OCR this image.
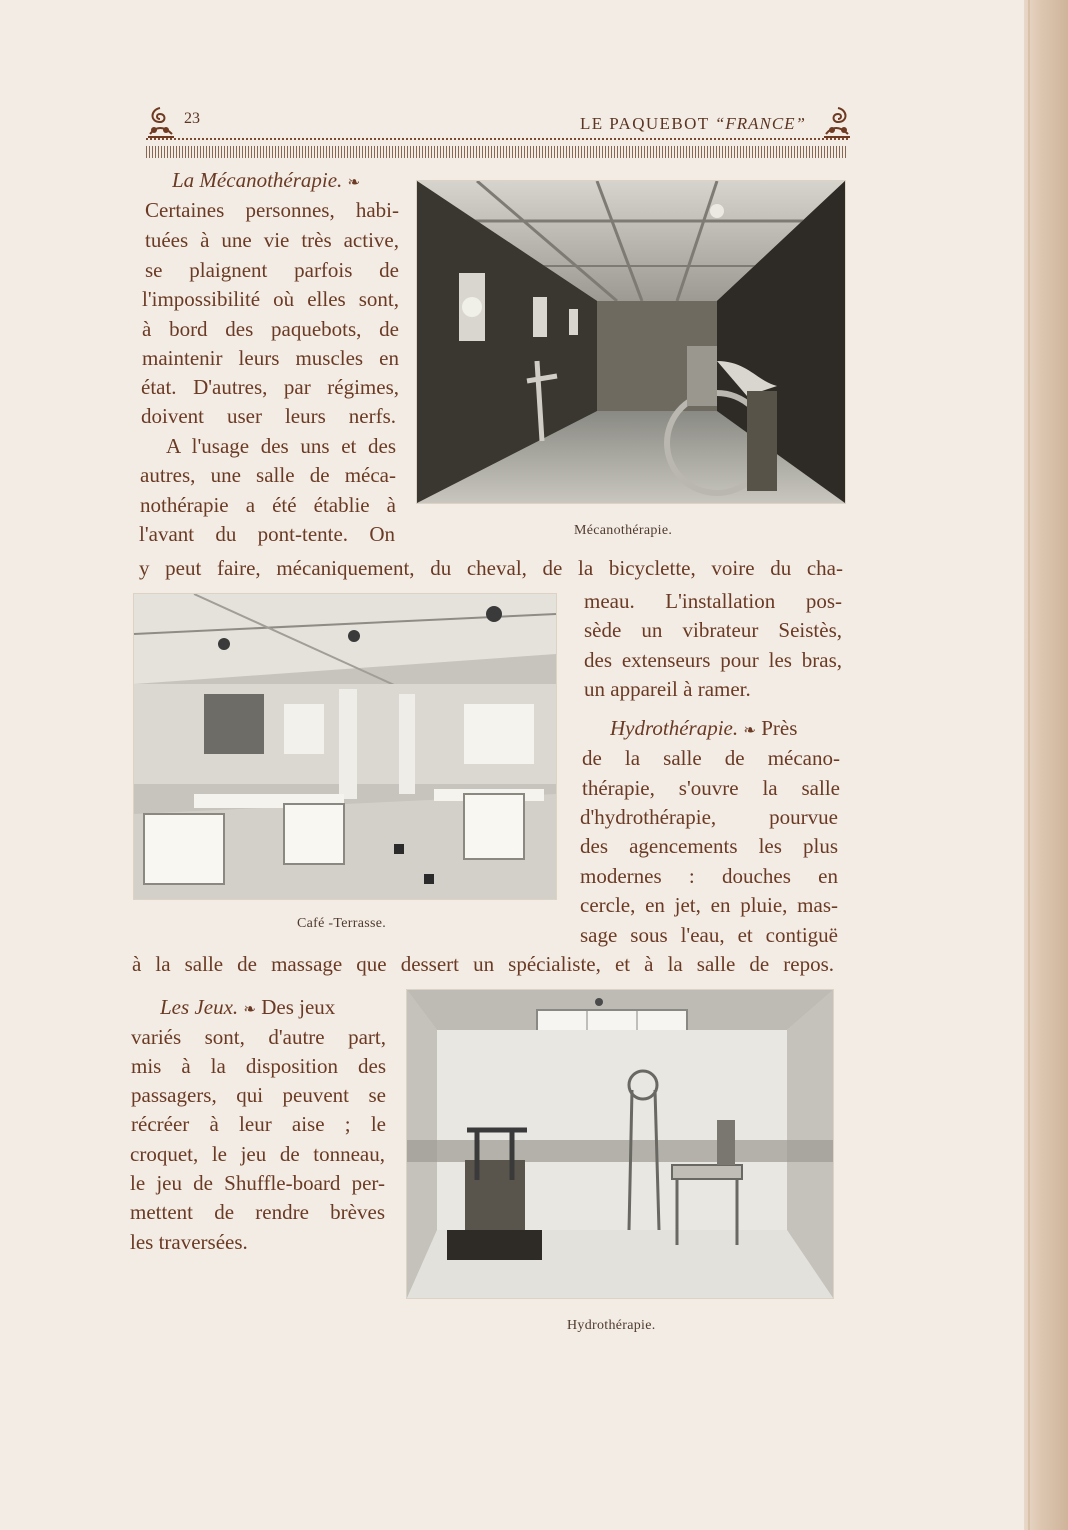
23	LE PAQUEBOT “FRANCE”
La Mécanothérapie. ❧
Certaines personnes, habi-
tuées à une vie très active,
se plaignent parfois de
l'impossibilité où elles sont,
à bord des paquebots, de
maintenir leurs muscles en
état. D'autres, par régimes,
doivent user leurs nerfs.
A l'usage des uns et des
autres, une salle de méca-
nothérapie a été établie à
l'avant du pont-tente. On
y peut faire, mécaniquement, du cheval, de la bicyclette, voire du cha-
meau. L'installation pos-
sède un vibrateur Seistès,
des extenseurs pour les bras,
un appareil à ramer.
Mécanothérapie.
Café -Terrasse.
Hydrothérapie. ❧ Près
de la salle de mécano-
thérapie, s'ouvre la salle
d'hydrothérapie, pourvue
des agencements les plus
modernes : douches en
cercle, en jet, en pluie, mas-
sage sous l'eau, et contiguë
à la salle de massage que dessert un spécialiste, et à la salle de repos.
Les Jeux. ❧ Des jeux
variés sont, d'autre part,
mis à la disposition des
passagers, qui peuvent se
récréer à leur aise ; le
croquet, le jeu de tonneau,
le jeu de Shuffle-board per-
mettent de rendre brèves
les traversées.
Hydrothérapie.
